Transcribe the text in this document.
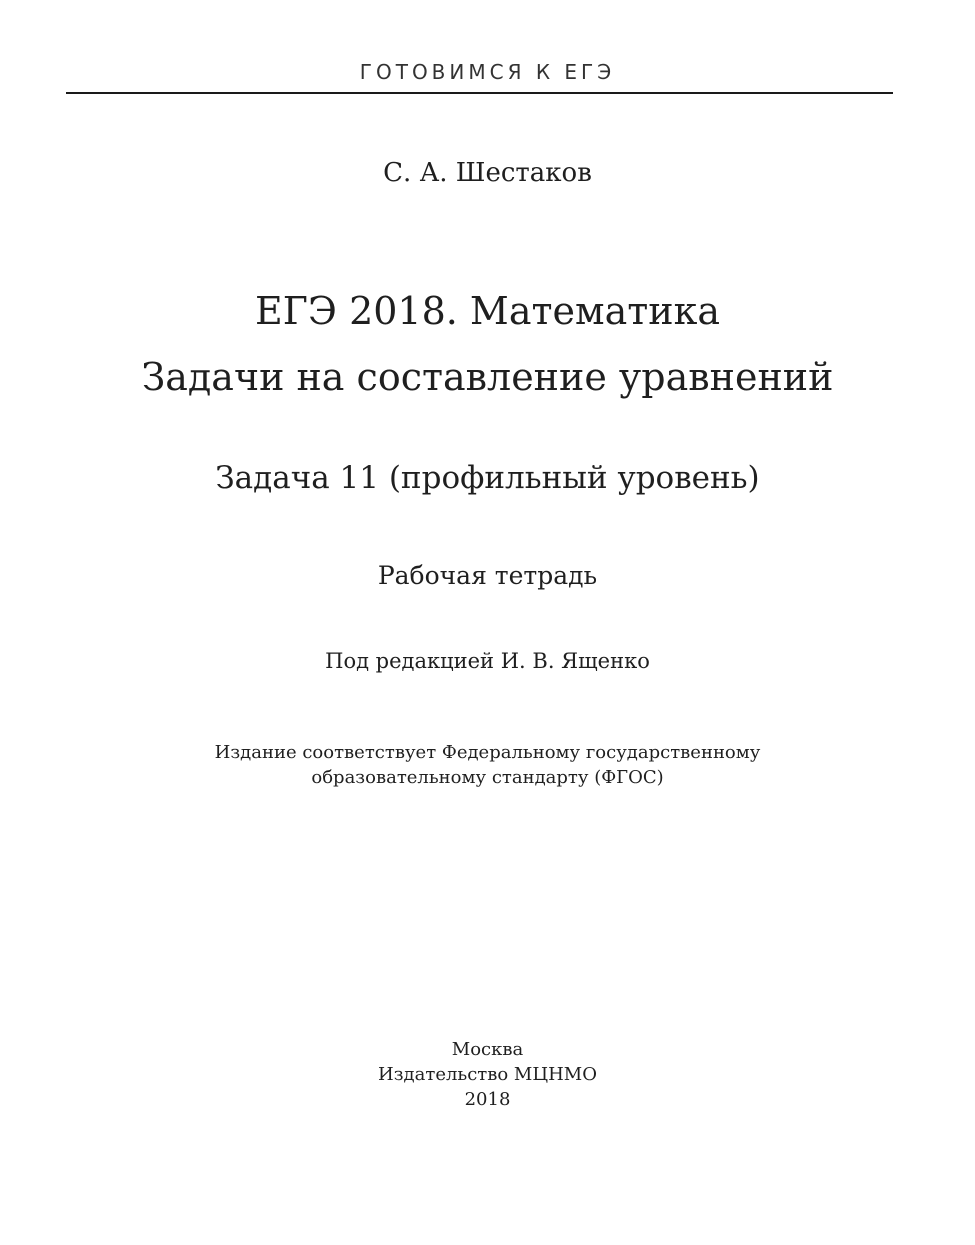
ГОТОВИМСЯ К ЕГЭ
С. А. Шестаков
ЕГЭ 2018. Математика
Задачи на составление уравнений
Задача 11 (профильный уровень)
Рабочая тетрадь
Под редакцией И. В. Ященко
Издание соответствует Федеральному государственному
образовательному стандарту (ФГОС)
Москва
Издательство МЦНМО
2018
